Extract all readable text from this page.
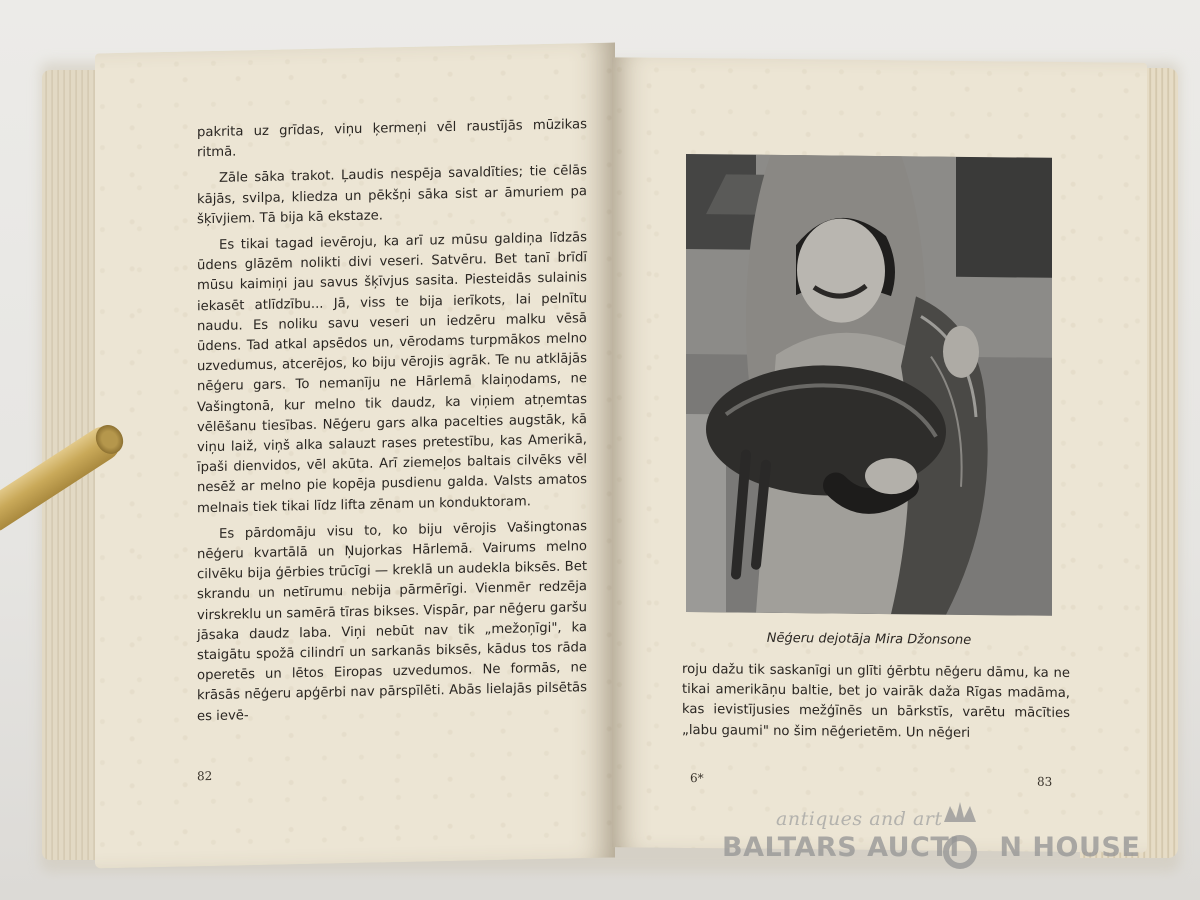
pakrita uz grīdas, viņu ķermeņi vēl raustījās mūzikas ritmā.

Zāle sāka trakot. Ļaudis nespēja savaldīties; tie cēlās kājās, svilpa, kliedza un pēkšņi sāka sist ar āmuriem pa šķīvjiem. Tā bija kā ekstaze.

Es tikai tagad ievēroju, ka arī uz mūsu galdiņa līdzās ūdens glāzēm nolikti divi veseri. Satvēru. Bet tanī brīdī mūsu kaimiņi jau savus šķīvjus sasita. Piesteidās sulainis iekasēt atlīdzību... Jā, viss te bija ierīkots, lai pelnītu naudu. Es noliku savu veseri un iedzēru malku vēsā ūdens. Tad atkal apsēdos un, vērodams turpmākos melno uzvedumus, atcerējos, ko biju vērojis agrāk. Te nu atklājās nēģeru gars. To nemanīju ne Hārlemā klaiņodams, ne Vašingtonā, kur melno tik daudz, ka viņiem atņemtas vēlēšanu tiesības. Nēģeru gars alka pacelties augstāk, kā viņu laiž, viņš alka salauzt rases pretestību, kas Amerikā, īpaši dienvidos, vēl akūta. Arī ziemeļos baltais cilvēks vēl nesēž ar melno pie kopēja pusdienu galda. Valsts amatos melnais tiek tikai līdz lifta zēnam un konduktoram.

Es pārdomāju visu to, ko biju vērojis Vašingtonas nēģeru kvartālā un Ņujorkas Hārlemā. Vairums melno cilvēku bija ģērbies trūcīgi — kreklā un audekla biksēs. Bet skrandu un netīrumu nebija pārmērīgi. Vienmēr redzēja virskreklu un samērā tīras bikses. Vispār, par nēģeru garšu jāsaka daudz laba. Viņi nebūt nav tik „mežoņīgi", ka staigātu spožā cilindrī un sarkanās biksēs, kādus tos rāda operetēs un lētos Eiropas uzvedumos. Ne formās, ne krāsās nēģeru apģērbi nav pārspīlēti. Abās lielajās pilsētās es ievē-

82
Nēģeru dejotāja Mira Džonsone

roju dažu tik saskanīgi un glīti ģērbtu nēģeru dāmu, ka ne tikai amerikāņu baltie, bet jo vairāk daža Rīgas madāma, kas ievistījusies mežģīnēs un bārkstīs, varētu mācīties „labu gaumi" no šim nēģerietēm. Un nēģeri

6*	83
antiques and art
BALTARS AUCTI    N HOUSE
